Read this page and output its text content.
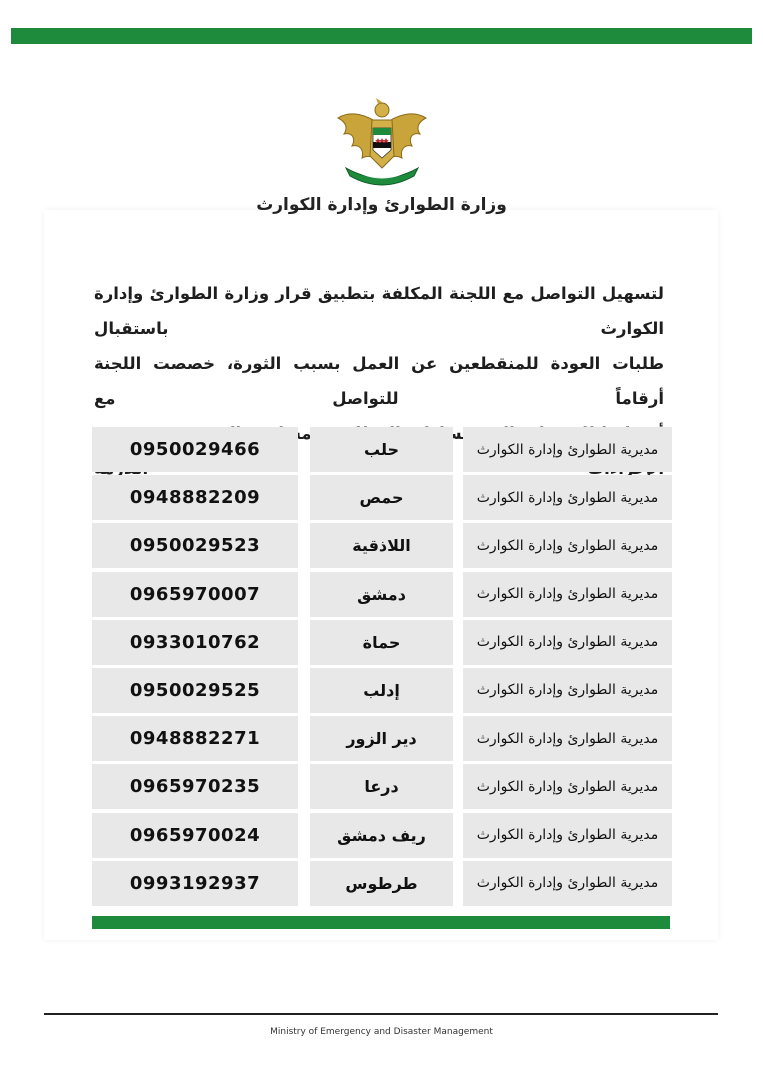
وزارة الطوارئ وإدارة الكوارث
لتسهيل التواصل مع اللجنة المكلفة بتطبيق قرار وزارة الطوارئ وإدارة الكوارث باستقبال
طلبات العودة للمنقطعين عن العمل بسبب الثورة، خصصت اللجنة أرقاماً للتواصل مع
الاستفسارات
0950029466	حلب	مديرية الطوارئ وإدارة الكوارث
0948882209	حمص	مديرية الطوارئ وإدارة الكوارث
0950029523	اللاذقية	مديرية الطوارئ وإدارة الكوارث
0965970007	دمشق	مديرية الطوارئ وإدارة الكوارث
0933010762	حماة	مديرية الطوارئ وإدارة الكوارث
0950029525	إدلب	مديرية الطوارئ وإدارة الكوارث
0948882271	دير الزور	مديرية الطوارئ وإدارة الكوارث
0965970235	درعا	مديرية الطوارئ وإدارة الكوارث
0965970024	ريف دمشق	مديرية الطوارئ وإدارة الكوارث
0993192937	طرطوس	مديرية الطوارئ وإدارة الكوارث
Ministry of Emergency and Disaster Management
